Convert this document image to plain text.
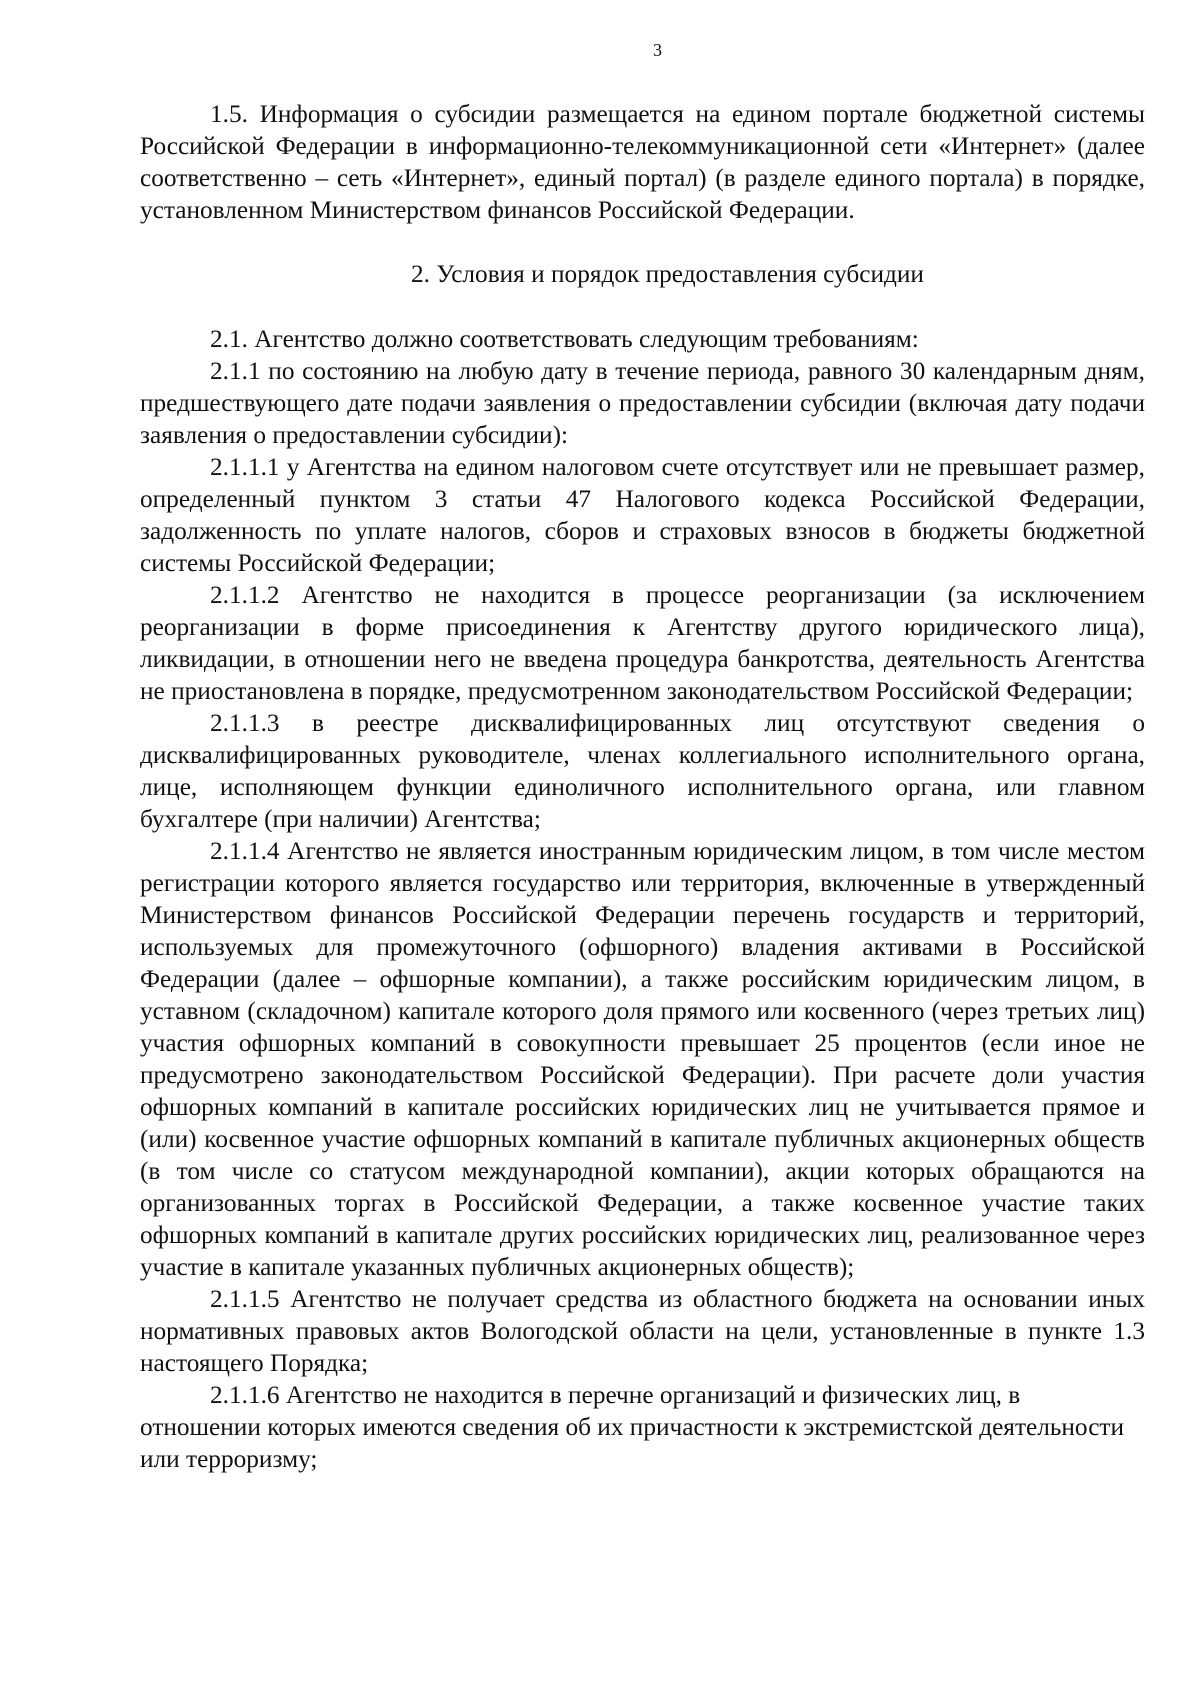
3

1.5. Информация о субсидии размещается на едином портале бюджетной системы Российской Федерации в информационно-телекоммуникационной сети «Интернет» (далее соответственно – сеть «Интернет», единый портал) (в разделе единого портала) в порядке, установленном Министерством финансов Российской Федерации.

2. Условия и порядок предоставления субсидии

2.1. Агентство должно соответствовать следующим требованиям:

2.1.1 по состоянию на любую дату в течение периода, равного 30 календарным дням, предшествующего дате подачи заявления о предоставлении субсидии (включая дату подачи заявления о предоставлении субсидии):

2.1.1.1 у Агентства на едином налоговом счете отсутствует или не превышает размер, определенный пунктом 3 статьи 47 Налогового кодекса Российской Федерации, задолженность по уплате налогов, сборов и страховых взносов в бюджеты бюджетной системы Российской Федерации;

2.1.1.2 Агентство не находится в процессе реорганизации (за исключением реорганизации в форме присоединения к Агентству другого юридического лица), ликвидации, в отношении него не введена процедура банкротства, деятельность Агентства не приостановлена в порядке, предусмотренном законодательством Российской Федерации;

2.1.1.3 в реестре дисквалифицированных лиц отсутствуют сведения о дисквалифицированных руководителе, членах коллегиального исполнительного органа, лице, исполняющем функции единоличного исполнительного органа, или главном бухгалтере (при наличии) Агентства;

2.1.1.4 Агентство не является иностранным юридическим лицом, в том числе местом регистрации которого является государство или территория, включенные в утвержденный Министерством финансов Российской Федерации перечень государств и территорий, используемых для промежуточного (офшорного) владения активами в Российской Федерации (далее – офшорные компании), а также российским юридическим лицом, в уставном (складочном) капитале которого доля прямого или косвенного (через третьих лиц) участия офшорных компаний в совокупности превышает 25 процентов (если иное не предусмотрено законодательством Российской Федерации). При расчете доли участия офшорных компаний в капитале российских юридических лиц не учитывается прямое и (или) косвенное участие офшорных компаний в капитале публичных акционерных обществ (в том числе со статусом международной компании), акции которых обращаются на организованных торгах в Российской Федерации, а также косвенное участие таких офшорных компаний в капитале других российских юридических лиц, реализованное через участие в капитале указанных публичных акционерных обществ);

2.1.1.5 Агентство не получает средства из областного бюджета на основании иных нормативных правовых актов Вологодской области на цели, установленные в пункте 1.3 настоящего Порядка;

2.1.1.6 Агентство не находится в перечне организаций и физических лиц, в отношении которых имеются сведения об их причастности к экстремистской деятельности или терроризму;
